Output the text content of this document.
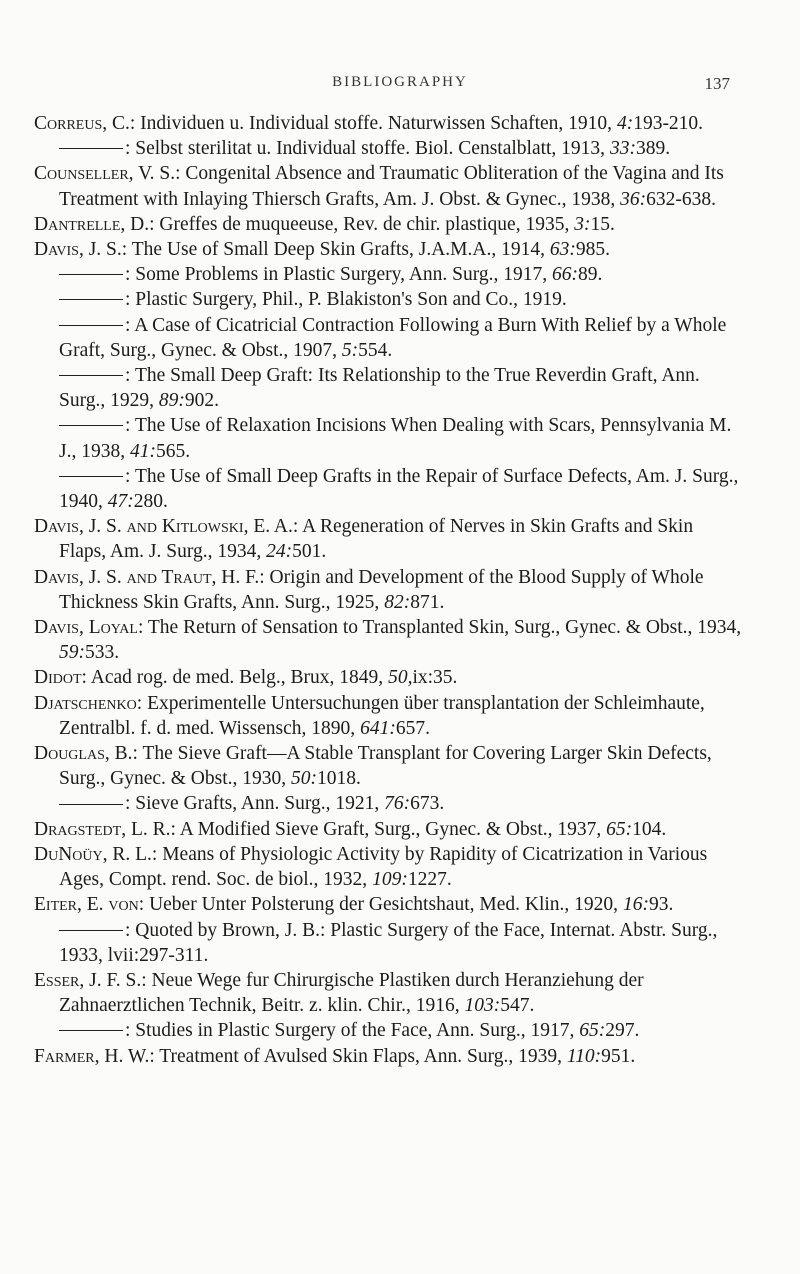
BIBLIOGRAPHY	137
Correus, C.: Individuen u. Individual stoffe. Naturwissen Schaften, 1910, 4:193-210.
: Selbst sterilitat u. Individual stoffe. Biol. Censtalblatt, 1913, 33:389.
Counseller, V. S.: Congenital Absence and Traumatic Obliteration of the Vagina and Its Treatment with Inlaying Thiersch Grafts, Am. J. Obst. & Gynec., 1938, 36:632-638.
Dantrelle, D.: Greffes de muqueeuse, Rev. de chir. plastique, 1935, 3:15.
Davis, J. S.: The Use of Small Deep Skin Grafts, J.A.M.A., 1914, 63:985.
: Some Problems in Plastic Surgery, Ann. Surg., 1917, 66:89.
: Plastic Surgery, Phil., P. Blakiston's Son and Co., 1919.
: A Case of Cicatricial Contraction Following a Burn With Relief by a Whole Graft, Surg., Gynec. & Obst., 1907, 5:554.
: The Small Deep Graft: Its Relationship to the True Reverdin Graft, Ann. Surg., 1929, 89:902.
: The Use of Relaxation Incisions When Dealing with Scars, Pennsylvania M. J., 1938, 41:565.
: The Use of Small Deep Grafts in the Repair of Surface Defects, Am. J. Surg., 1940, 47:280.
Davis, J. S. and Kitlowski, E. A.: A Regeneration of Nerves in Skin Grafts and Skin Flaps, Am. J. Surg., 1934, 24:501.
Davis, J. S. and Traut, H. F.: Origin and Development of the Blood Supply of Whole Thickness Skin Grafts, Ann. Surg., 1925, 82:871.
Davis, Loyal: The Return of Sensation to Transplanted Skin, Surg., Gynec. & Obst., 1934, 59:533.
Didot: Acad rog. de med. Belg., Brux, 1849, 50,ix:35.
Djatschenko: Experimentelle Untersuchungen über transplantation der Schleimhaute, Zentralbl. f. d. med. Wissensch, 1890, 641:657.
Douglas, B.: The Sieve Graft—A Stable Transplant for Covering Larger Skin Defects, Surg., Gynec. & Obst., 1930, 50:1018.
: Sieve Grafts, Ann. Surg., 1921, 76:673.
Dragstedt, L. R.: A Modified Sieve Graft, Surg., Gynec. & Obst., 1937, 65:104.
DuNoüy, R. L.: Means of Physiologic Activity by Rapidity of Cicatrization in Various Ages, Compt. rend. Soc. de biol., 1932, 109:1227.
Eiter, E. von: Ueber Unter Polsterung der Gesichtshaut, Med. Klin., 1920, 16:93.
: Quoted by Brown, J. B.: Plastic Surgery of the Face, Internat. Abstr. Surg., 1933, lvii:297-311.
Esser, J. F. S.: Neue Wege fur Chirurgische Plastiken durch Heranziehung der Zahnaerztlichen Technik, Beitr. z. klin. Chir., 1916, 103:547.
: Studies in Plastic Surgery of the Face, Ann. Surg., 1917, 65:297.
Farmer, H. W.: Treatment of Avulsed Skin Flaps, Ann. Surg., 1939, 110:951.
